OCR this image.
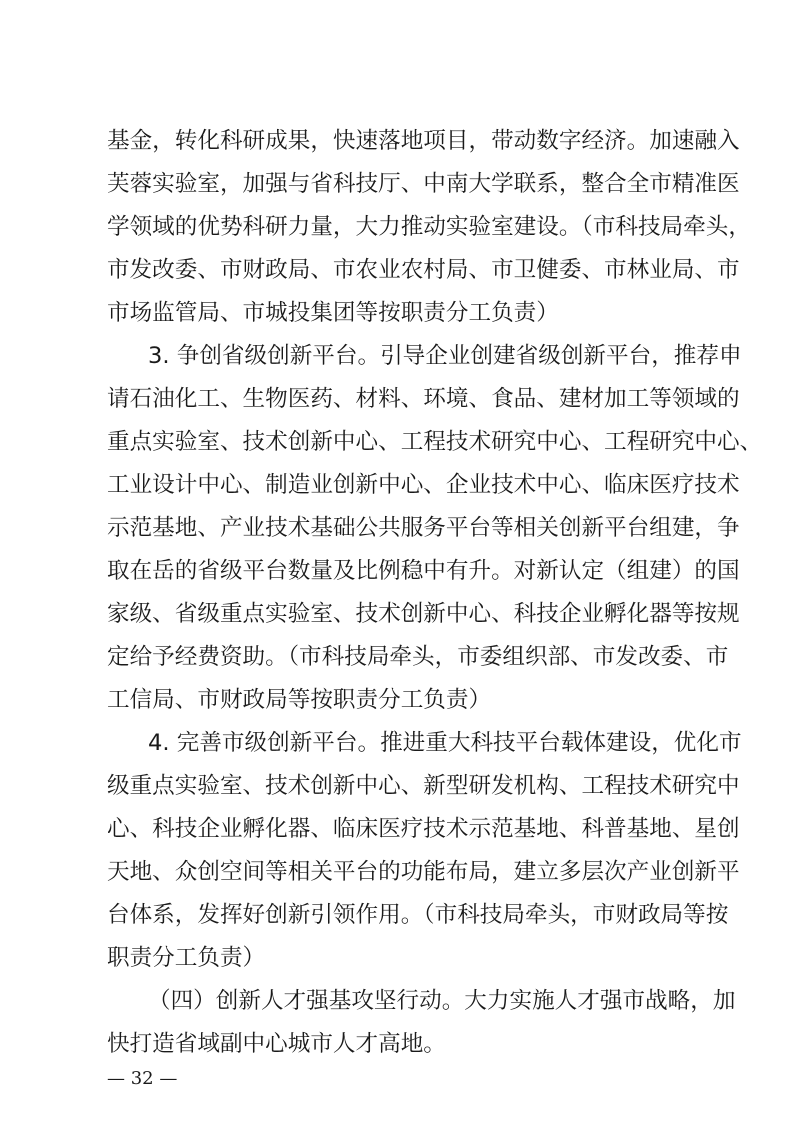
基金，转化科研成果，快速落地项目，带动数字经济。加速融入
芙蓉实验室，加强与省科技厅、中南大学联系，整合全市精准医
学领域的优势科研力量，大力推动实验室建设。（市科技局牵头，
市发改委、市财政局、市农业农村局、市卫健委、市林业局、市
市场监管局、市城投集团等按职责分工负责）
3. 争创省级创新平台。引导企业创建省级创新平台，推荐申
请石油化工、生物医药、材料、环境、食品、建材加工等领域的
重点实验室、技术创新中心、工程技术研究中心、工程研究中心、
工业设计中心、制造业创新中心、企业技术中心、临床医疗技术
示范基地、产业技术基础公共服务平台等相关创新平台组建，争
取在岳的省级平台数量及比例稳中有升。对新认定（组建）的国
家级、省级重点实验室、技术创新中心、科技企业孵化器等按规
定给予经费资助。（市科技局牵头，市委组织部、市发改委、市
工信局、市财政局等按职责分工负责）
4. 完善市级创新平台。推进重大科技平台载体建设，优化市
级重点实验室、技术创新中心、新型研发机构、工程技术研究中
心、科技企业孵化器、临床医疗技术示范基地、科普基地、星创
天地、众创空间等相关平台的功能布局，建立多层次产业创新平
台体系，发挥好创新引领作用。（市科技局牵头，市财政局等按
职责分工负责）
（四）创新人才强基攻坚行动。大力实施人才强市战略，加
快打造省域副中心城市人才高地。
— 32 —
